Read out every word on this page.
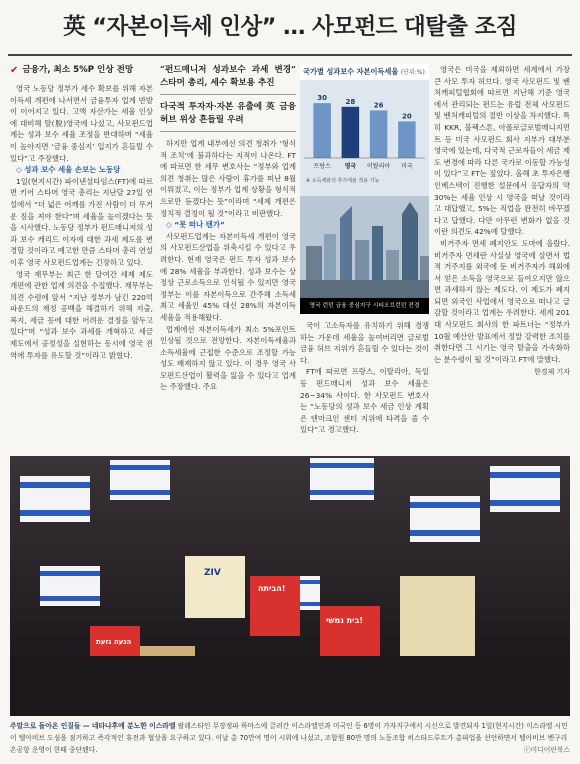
英 “자본이득세 인상” … 사모펀드 대탈출 조짐
✔ 금융가, 최소 5%P 인상 전망

영국 노동당 정부가 세수 확보를 위해 자본이득세 개편에 나서면서 금융투자 업계 반발이 이어지고 있다. 고액 자산가는 세율 인상에 대비해 탈(脫)영국에 나섰고, 사모펀드업계는 성과 보수 세율 조정을 반대하며 “세율이 높아지면 ‘금융 중심지’ 입지가 흔들릴 수 있다”고 주장했다.

◇ 성과 보수 세율 손보는 노동당

1일(현지시간) 파이낸셜타임스(FT)에 따르면 키어 스타머 영국 총리는 지난달 27일 연설에서 “더 넓은 어깨를 가진 사람이 더 무거운 짐을 져야 한다”며 세율을 높이겠다는 뜻을 시사했다. 노동당 정부가 펀드매니저의 성과 보수 캐리드 이자에 대한 과세 제도를 변경할 것이라고 예고한 만큼 스타머 총리 연설 이후 영국 사모펀드업계는 긴장하고 있다.

영국 재무부는 최근 한 달여간 세제 제도 개편에 관한 업계 의견을 수집했다. 재무부는 의견 수렴에 앞서 “지난 정부가 남긴 220억파운드의 재정 공백을 해결하기 위해 지출, 복지, 세금 등에 대한 어려운 결정을 앞두고 있다”며 “성과 보수 과세를 개혁하고 세금 제도에서 공정성을 실현하는 동시에 영국 전역에 투자를 유도할 것”이라고 밝혔다.

“펀드매니저 성과보수 과세 변경” 스타머 총리, 세수 확보용 추진
다국적 투자자·자본 유출에 英 금융허브 위상 흔들릴 우려

하지만 업계 내부에선 의견 청취가 ‘형식적 조치’에 불과하다는 지적이 나온다. FT에 따르면 한 세무 변호사는 “정부와 업계 의견 청취는 많은 사람이 휴가를 떠난 8월 이뤄졌고, 이는 정부가 업계 상황을 형식적으로만 듣겠다는 뜻”이라며 “세제 개편은 정치적 결정이 될 것”이라고 비판했다.

◇ “못 떠나 텐가”

사모펀드업계는 자본이득세 개편이 영국의 사모펀드산업을 위축시킬 수 있다고 우려한다. 현재 영국은 펀드 투자 성과 보수에 28% 세율을 부과한다. 성과 보수는 상정상 근로소득으로 인식될 수 있지만 영국 정부는 이를 자본이득으로 간주해 소득세 최고 세율인 45% 대신 28%의 자본이득세율을 적용해왔다.

업계에선 자본이득세가 최소 5%포인트 인상될 것으로 전망한다. 자본이득세율과 소득세율에 근접한 수준으로 조정할 가능성도 배제하지 않고 있다. 이 경우 영국 사모펀드산업이 활력을 잃을 수 있다고 업계는 주장했다. 주요

국가별 성과보수 자본이득세율 (단위:%)
30
프랑스
28
영국
26
이탈리아
20
미국
※ 소득세와의 추가세율 적용 기능
영국 런던 금융 중심지구 시티오브런던 전경

국이 고소득자를 유치하기 위해 경쟁하는 가운데 세율을 높여버리면 글로벌 금융 허브 지위가 흔들릴 수 있다는 것이다.

FT에 따르면 프랑스, 이탈리아, 독일 등 펀드매니저 성과 보수 세율은 26~34% 사이다. 한 사모펀드 변호사는 “노동당의 성과 보수 세금 인상 계획은 덴마크인 센터 지위에 타격을 줄 수 있다”고 경고했다.

영국은 미국을 제외하면 세계에서 가장 큰 사모 투자 허브다. 영국 사모펀드 및 벤처캐피털협회에 따르면 지난해 기준 영국에서 관리되는 펀드는 유럽 전체 사모펀드 및 벤처캐피털의 절반 이상을 차지했다. 특히 KKR, 블랙스톤, 아폴로글로벌매니지먼트 등 미국 사모펀드 회사 지부가 대부분 영국에 있는데, 다국적 근로자들이 세금 제도 변경에 따라 다른 국가로 이동할 가능성이 있다”고 FT는 짚었다. 올해 초 투자은행 인베스텍이 진행한 설문에서 응답자의 약 30%는 세율 인상 시 영국을 떠날 것이라고 대답했고, 5%는 직업을 완전히 바꾸겠다고 답했다. 다만 아무런 변화가 없을 것이란 의견도 42%에 달했다.

비거주자 면세 폐지안도 도마에 올랐다. 비거주자 면세란 사실상 영국에 살면서 법적 거주지를 외국에 둔 비거주자가 해외에서 얻은 소득을 영국으로 들여오지만 않으면 과세하지 않는 제도다. 이 제도가 폐지되면 외국인 사업에서 영국으로 떠나고 급감할 것이라고 업계는 우려한다. 세계 201대 사모펀드 회사의 한 파트너는 “정부가 10월 예산안 발표에서 정말 강력한 조치를 취한다면 그 시기는 영국 탈출을 가속화하는 분수령이 될 것”이라고 FT에 말했다.

한경제 기자
הביתה!
בית נמשי!
ZIV
הנעה נזעת
주말으로 돌아온 인질들 — 네타냐후에 분노한 이스라엘 팔레스타인 무장정파 하마스에 끌려간 이스라엘인과 미국인 등 6명이 가자지구에서 시신으로 발견되자 1일(현지시간) 이스라엘 시민이 텔아비브 도심을 점거하고 즉각적인 휴전과 협상을 요구하고 있다. 이날 총 70만여 명이 시위에 나섰고, 조합원 80만 명의 노동조합 히스타드루트가 총파업을 선언하면서 텔아비브 벤구리온공항 운영이 한때 중단됐다.	ⓒ미디어펀북스
